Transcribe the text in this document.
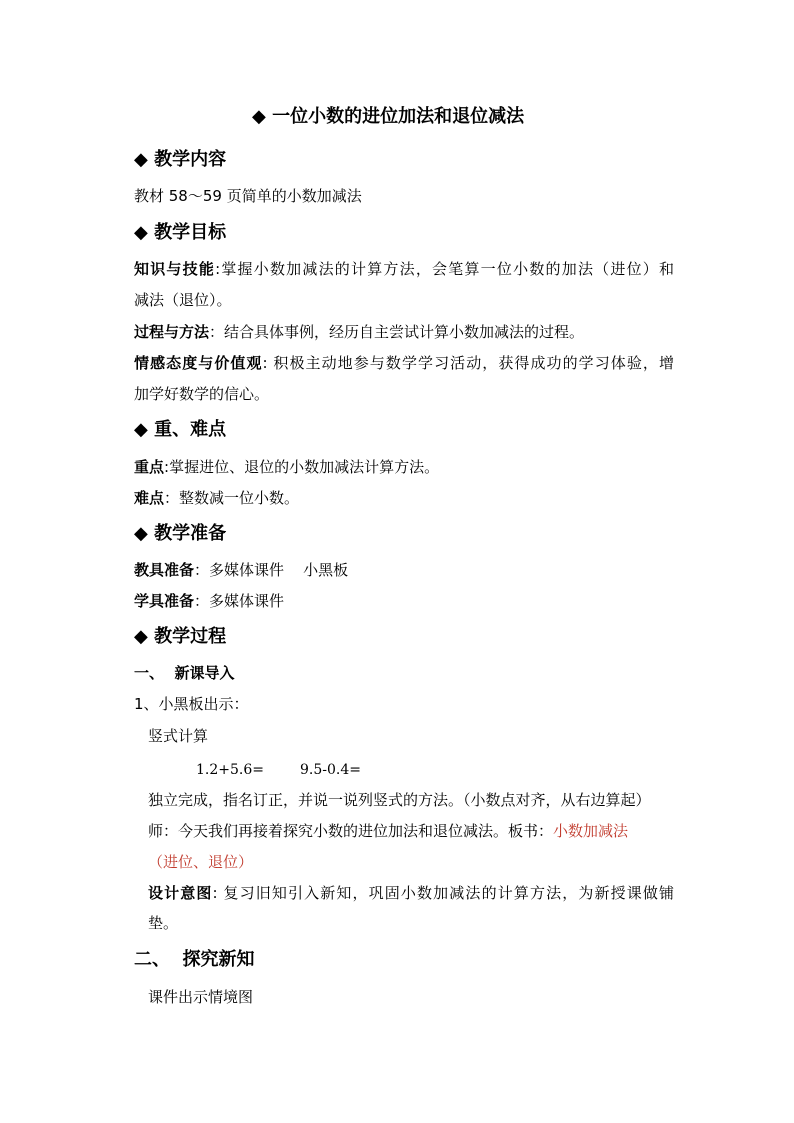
◆ 一位小数的进位加法和退位减法
◆ 教学内容
教材 58～59 页简单的小数加减法
◆ 教学目标
知识与技能:掌握小数加减法的计算方法，会笔算一位小数的加法（进位）和
减法（退位）。
过程与方法：结合具体事例，经历自主尝试计算小数加减法的过程。
情感态度与价值观: 积极主动地参与数学学习活动，获得成功的学习体验，增
加学好数学的信心。
◆ 重、难点
重点:掌握进位、退位的小数加减法计算方法。
难点：整数减一位小数。
◆ 教学准备
教具准备：多媒体课件    小黑板
学具准备：多媒体课件
◆ 教学过程
一、  新课导入
1、小黑板出示：
竖式计算
1.2+5.6=	9.5-0.4=
独立完成，指名订正，并说一说列竖式的方法。（小数点对齐，从右边算起）
师：今天我们再接着探究小数的进位加法和退位减法。板书：小数加减法
（进位、退位）
设计意图: 复习旧知引入新知，巩固小数加减法的计算方法，为新授课做铺
垫。
二、  探究新知
课件出示情境图
